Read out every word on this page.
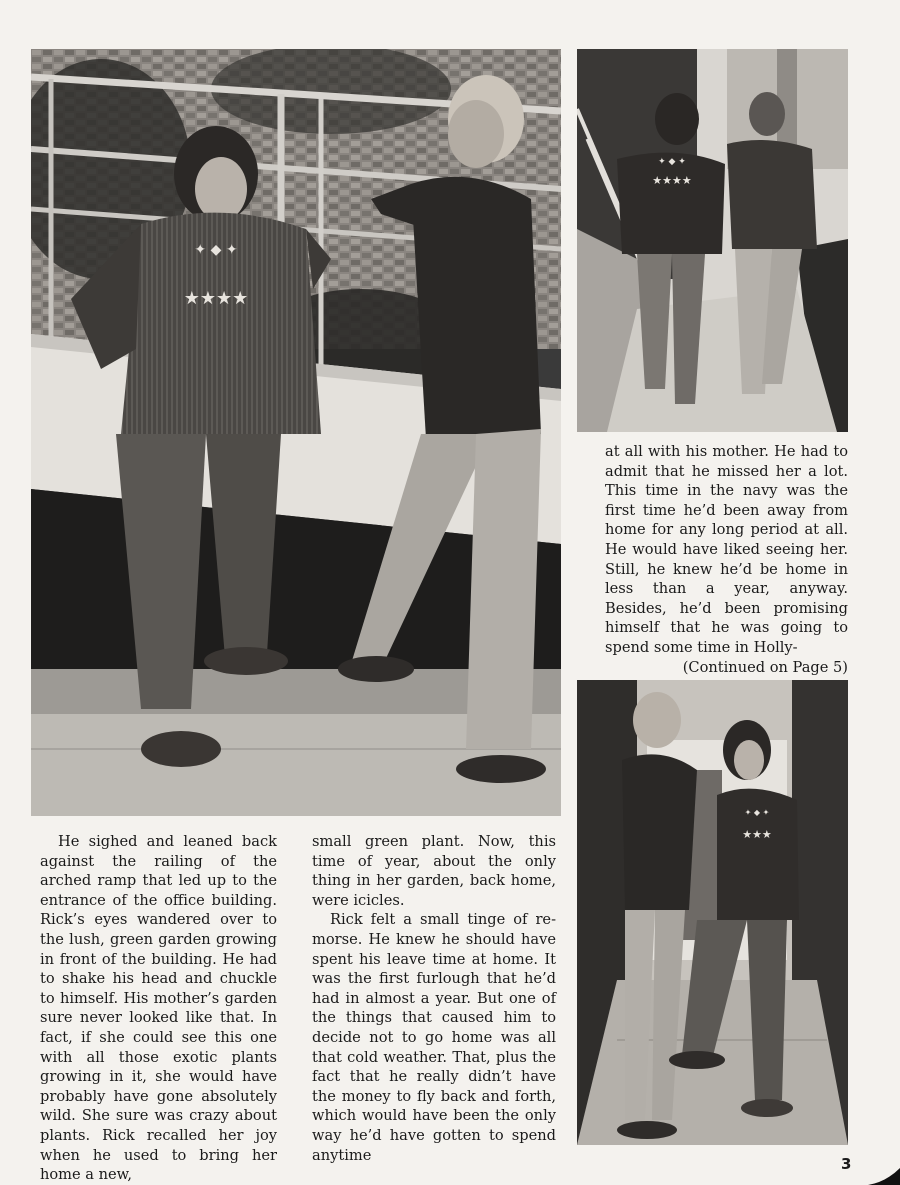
✦ ◆ ✦
★★★★
✦ ◆ ✦
★★★★
✦ ◆ ✦
★★★

He sighed and leaned back against the railing of the arched ramp that led up to the entrance of the office building. Rick’s eyes wandered over to the lush, green garden growing in front of the building. He had to shake his head and chuckle to himself. His mother’s garden sure never looked like that. In fact, if she could see this one with all those exotic plants growing in it, she would have probably have gone absolutely wild. She sure was crazy about plants. Rick recalled her joy when he used to bring her home a new,

small green plant. Now, this time of year, about the only thing in her garden, back home, were icicles.

Rick felt a small tinge of remorse. He knew he should have spent his leave time at home. It was the first furlough that he’d had in almost a year. But one of the things that caused him to decide not to go home was all that cold weather. That, plus the fact that he really didn’t have the money to fly back and forth, which would have been the only way he’d have gotten to spend anytime

at all with his mother. He had to admit that he missed her a lot. This time in the navy was the first time he’d been away from home for any long period at all. He would have liked seeing her. Still, he knew he’d be home in less than a year, anyway. Besides, he’d been promising himself that he was going to spend some time in Holly-

(Continued on Page 5)

3
